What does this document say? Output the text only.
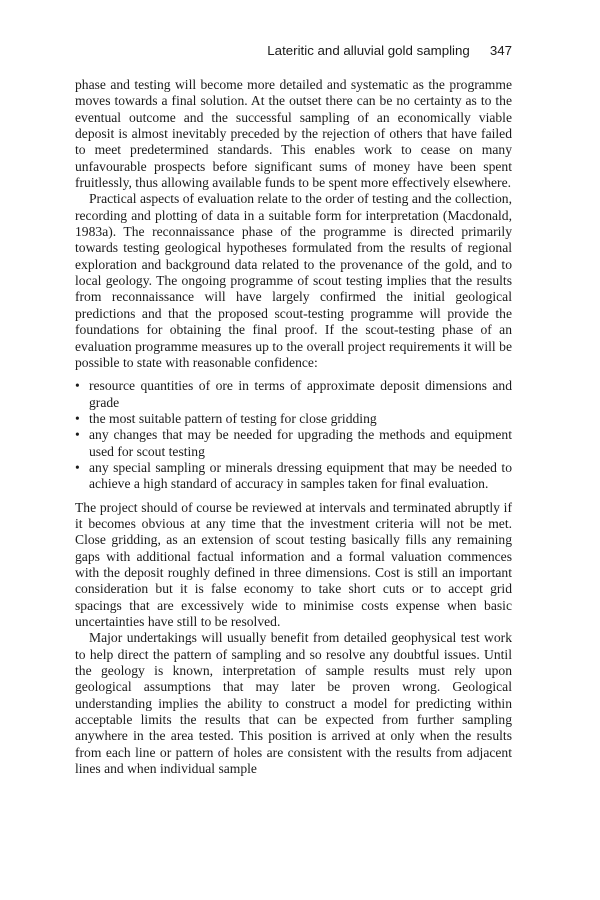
Lateritic and alluvial gold sampling 347

phase and testing will become more detailed and systematic as the programme moves towards a final solution. At the outset there can be no certainty as to the eventual outcome and the successful sampling of an economically viable deposit is almost inevitably preceded by the rejection of others that have failed to meet predetermined standards. This enables work to cease on many unfavourable prospects before significant sums of money have been spent fruitlessly, thus allowing available funds to be spent more effectively elsewhere.

Practical aspects of evaluation relate to the order of testing and the collection, recording and plotting of data in a suitable form for interpretation (Macdonald, 1983a). The reconnaissance phase of the programme is directed primarily towards testing geological hypotheses formulated from the results of regional exploration and background data related to the provenance of the gold, and to local geology. The ongoing programme of scout testing implies that the results from reconnaissance will have largely confirmed the initial geological predictions and that the proposed scout-testing programme will provide the foundations for obtaining the final proof. If the scout-testing phase of an evaluation programme measures up to the overall project requirements it will be possible to state with reasonable confidence:

• resource quantities of ore in terms of approximate deposit dimensions and grade
• the most suitable pattern of testing for close gridding
• any changes that may be needed for upgrading the methods and equipment used for scout testing
• any special sampling or minerals dressing equipment that may be needed to achieve a high standard of accuracy in samples taken for final evaluation.

The project should of course be reviewed at intervals and terminated abruptly if it becomes obvious at any time that the investment criteria will not be met. Close gridding, as an extension of scout testing basically fills any remaining gaps with additional factual information and a formal valuation commences with the deposit roughly defined in three dimensions. Cost is still an important consideration but it is false economy to take short cuts or to accept grid spacings that are excessively wide to minimise costs expense when basic uncertainties have still to be resolved.

Major undertakings will usually benefit from detailed geophysical test work to help direct the pattern of sampling and so resolve any doubtful issues. Until the geology is known, interpretation of sample results must rely upon geological assumptions that may later be proven wrong. Geological understanding implies the ability to construct a model for predicting within acceptable limits the results that can be expected from further sampling anywhere in the area tested. This position is arrived at only when the results from each line or pattern of holes are consistent with the results from adjacent lines and when individual sample
